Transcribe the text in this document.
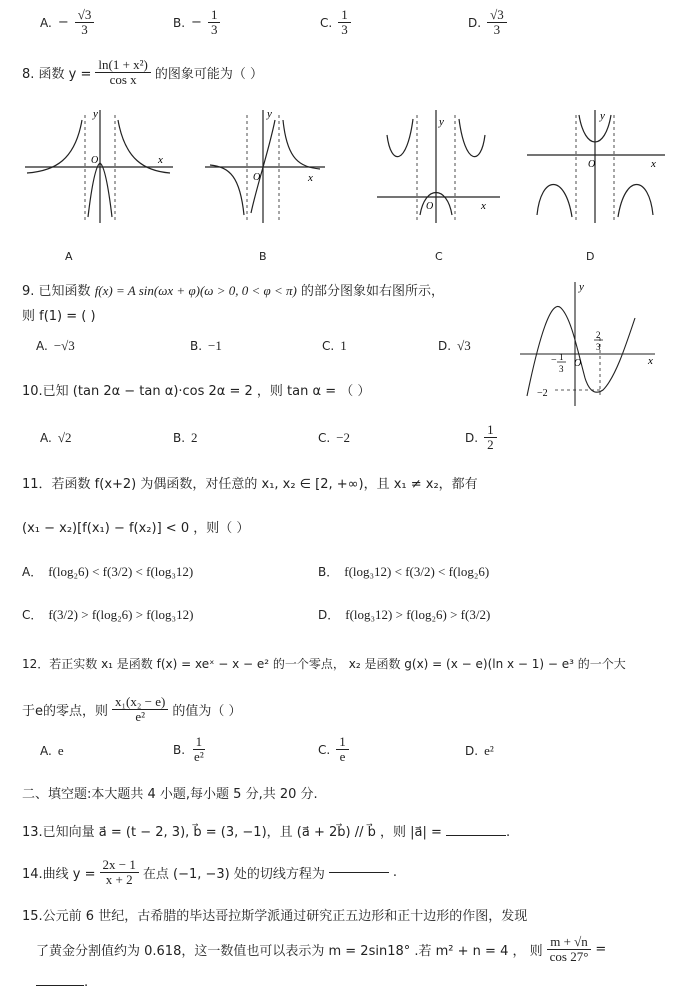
A. − $\frac{√3}{3}$	B. − $\frac{1}{3}$	C. $\frac{1}{3}$	D. $\frac{√3}{3}$
8. 函数 $y = \frac{\text{ln(1 + x²)}}{\text{cos x}}$ 的图象可能为（ ）
y
x
O
y
x
O
y
x
O
y
x
O
A	B	C	D
9. 已知函数 f(x) = A sin(ωx + φ)(ω > 0, 0 < φ < π) 的部分图象如右图所示，
则 f(1) = ( )
A. −√3	B. −1	C. 1	D. √3
y
x
O
− 1
3
2
3
−2
10.已知 (tan 2α − tan α)·cos 2α = 2 ，则 tan α = （ ）
A. √2	B. 2	C. −2	D. $\frac{1}{2}$
11．若函数 f(x+2) 为偶函数，对任意的 x₁, x₂ ∈ [2, +∞)，且 x₁ ≠ x₂，都有
(x₁ − x₂)[f(x₁) − f(x₂)] < 0 ，则（ ）
A． f(log₂6) < f(3/2) < f(log₃12)	B． f(log₃12) < f(3/2) < f(log₂6)
C． f(3/2) > f(log₂6) > f(log₃12)	D． f(log₃12) > f(log₂6) > f(3/2)
12．若正实数 x₁ 是函数 f(x) = xeˣ − x − e² 的一个零点， x₂ 是函数 g(x) = (x − e)(ln x − 1) − e³ 的一个大
于e的零点，则 $\frac{\text{x₁(x₂ − e)}}{\text{e²}}$ 的值为（ ）
A. e	B. $\frac{1}{\text{e²}}$	C. $\frac{1}{e}$	D. e²
二、填空题:本大题共 4 小题,每小题 5 分,共 20 分.
13.已知向量 a⃗ = (t − 2, 3), b⃗ = (3, −1)，且 (a⃗ + 2b⃗) // b⃗ ，则 |a⃗| =	.
14.曲线 $y = \frac{2x - 1}{x + 2}$ 在点 (−1, −3) 处的切线方程为	.
15.公元前 6 世纪，古希腊的毕达哥拉斯学派通过研究正五边形和正十边形的作图，发现
了黄金分割值约为 0.618，这一数值也可以表示为 m = 2sin18° .若 m² + n = 4 ， 则 $\frac{m + √n}{\cos 27^\circ}$ =
.
